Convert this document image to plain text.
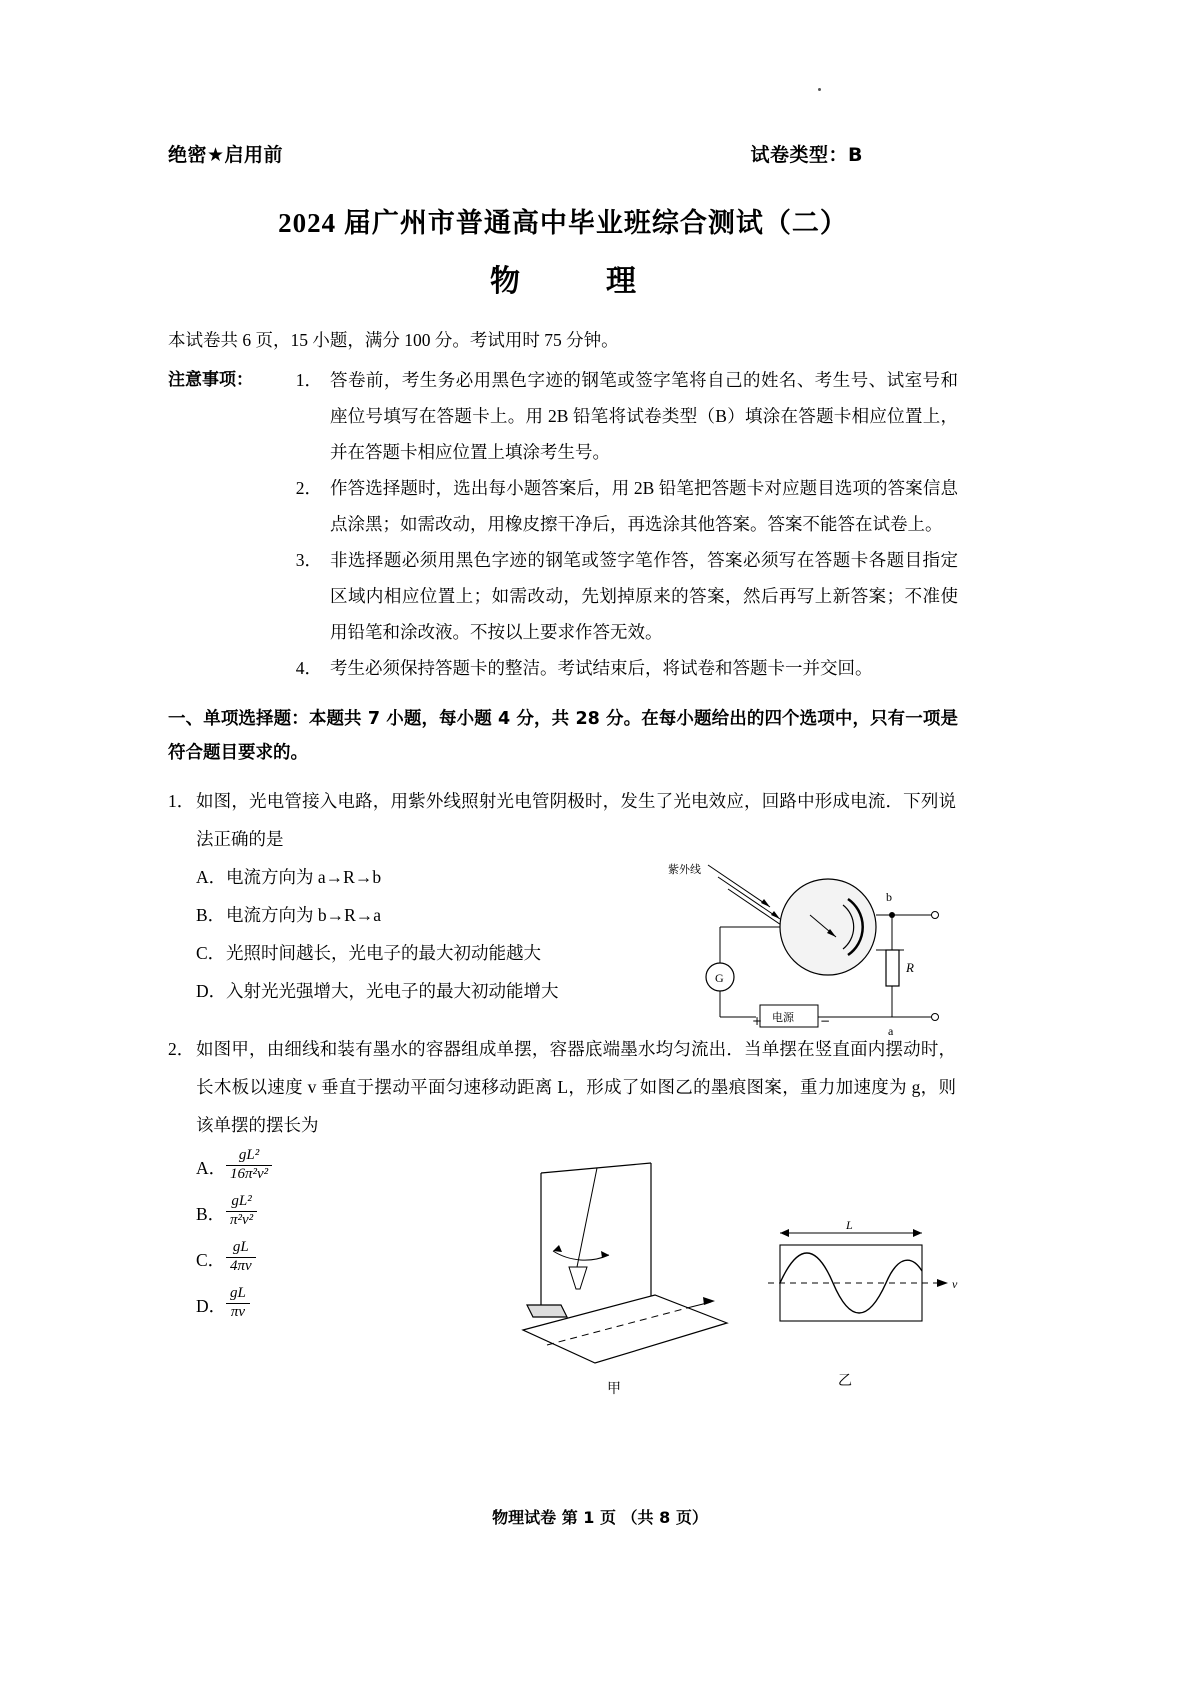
绝密★启用前	试卷类型：B
2024 届广州市普通高中毕业班综合测试（二）
物　理
本试卷共 6 页，15 小题，满分 100 分。考试用时 75 分钟。
注意事项：	1． 答卷前，考生务必用黑色字迹的钢笔或签字笔将自己的姓名、考生号、试室号和座位号填写在答题卡上。用 2B 铅笔将试卷类型（B）填涂在答题卡相应位置上，并在答题卡相应位置上填涂考生号。
2． 作答选择题时，选出每小题答案后，用 2B 铅笔把答题卡对应题目选项的答案信息点涂黑；如需改动，用橡皮擦干净后，再选涂其他答案。答案不能答在试卷上。
3． 非选择题必须用黑色字迹的钢笔或签字笔作答，答案必须写在答题卡各题目指定区域内相应位置上；如需改动，先划掉原来的答案，然后再写上新答案；不准使用铅笔和涂改液。不按以上要求作答无效。
4． 考生必须保持答题卡的整洁。考试结束后，将试卷和答题卡一并交回。
一、单项选择题：本题共 7 小题，每小题 4 分，共 28 分。在每小题给出的四个选项中，只有一项是符合题目要求的。
1． 如图，光电管接入电路，用紫外线照射光电管阴极时，发生了光电效应，回路中形成电流．下列说法正确的是
A．电流方向为 a→R→b
B．电流方向为 b→R→a
C．光照时间越长，光电子的最大初动能越大
D．入射光光强增大，光电子的最大初动能增大
2． 如图甲，由细线和装有墨水的容器组成单摆，容器底端墨水均匀流出．当单摆在竖直面内摆动时，长木板以速度 v 垂直于摆动平面匀速移动距离 L，形成了如图乙的墨痕图案，重力加速度为 g，则该单摆的摆长为
A． $\frac{\text{gL²}}{\text{16π²v²}}$
B． $\frac{\text{gL²}}{\text{π²v²}}$
C． $\frac{gL}{4\pi v}$
D． $\frac{gL}{\pi v}$
紫外线
G
电源
+	−
b
a
R
甲
L
v
乙
物理试卷 第 1 页 （共 8 页）
